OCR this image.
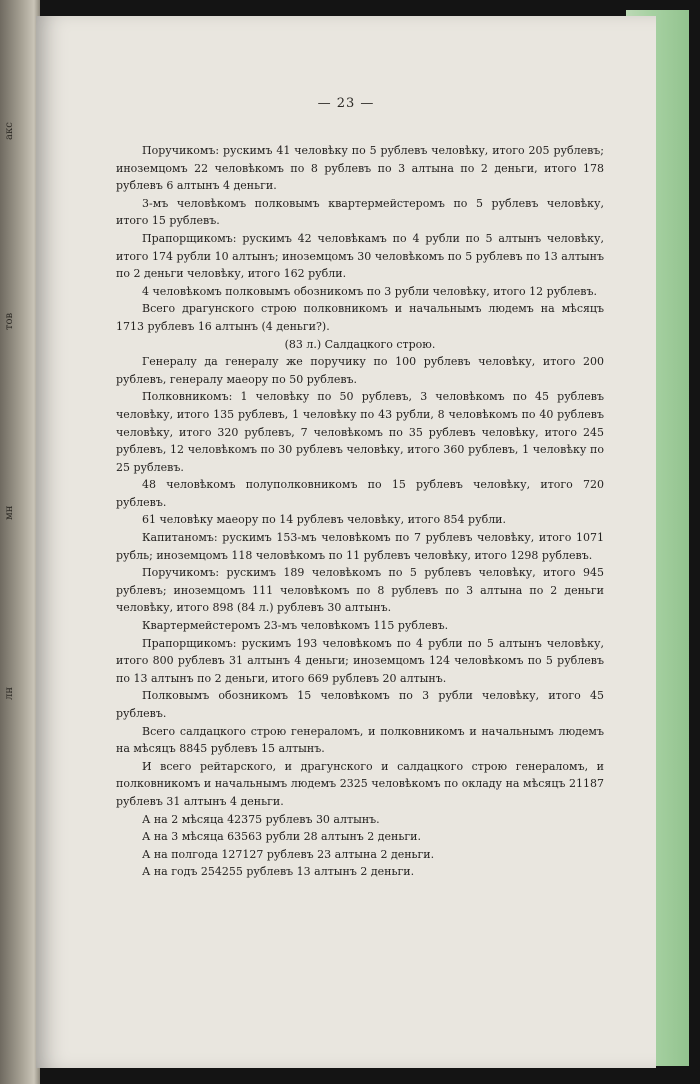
акс
тов
мн
лн
— 23 —

Поручикомъ: рускимъ 41 человѣку по 5 рублевъ человѣку, итого 205 рублевъ; иноземцомъ 22 человѣкомъ по 8 рублевъ по 3 алтына по 2 деньги, итого 178 рублевъ 6 алтынъ 4 деньги.

3-мъ человѣкомъ полковымъ квартермейстеромъ по 5 рублевъ человѣку, итого 15 рублевъ.

Прапорщикомъ: рускимъ 42 человѣкамъ по 4 рубли по 5 алтынъ человѣку, итого 174 рубли 10 алтынъ; иноземцомъ 30 человѣкомъ по 5 рублевъ по 13 алтынъ по 2 деньги человѣку, итого 162 рубли.

4 человѣкомъ полковымъ обозникомъ по 3 рубли человѣку, итого 12 рублевъ.

Всего драгунского строю полковникомъ и начальнымъ людемъ на мѣсяцъ 1713 рублевъ 16 алтынъ (4 деньги?).

(83 л.) Салдацкого строю.

Генералу да генералу же поручику по 100 рублевъ человѣку, итого 200 рублевъ, генералу маеору по 50 рублевъ.

Полковникомъ: 1 человѣку по 50 рублевъ, 3 человѣкомъ по 45 рублевъ человѣку, итого 135 рублевъ, 1 человѣку по 43 рубли, 8 человѣкомъ по 40 рублевъ человѣку, итого 320 рублевъ, 7 человѣкомъ по 35 рублевъ человѣку, итого 245 рублевъ, 12 человѣкомъ по 30 рублевъ человѣку, итого 360 рублевъ, 1 человѣку по 25 рублевъ.

48 человѣкомъ полуполковникомъ по 15 рублевъ человѣку, итого 720 рублевъ.

61 человѣку маеору по 14 рублевъ человѣку, итого 854 рубли.

Капитаномъ: рускимъ 153-мъ человѣкомъ по 7 рублевъ человѣку, итого 1071 рубль; иноземцомъ 118 человѣкомъ по 11 рублевъ человѣку, итого 1298 рублевъ.

Поручикомъ: рускимъ 189 человѣкомъ по 5 рублевъ человѣку, итого 945 рублевъ; иноземцомъ 111 человѣкомъ по 8 рублевъ по 3 алтына по 2 деньги человѣку, итого 898 (84 л.) рублевъ 30 алтынъ.

Квартермейстеромъ 23-мъ человѣкомъ 115 рублевъ.

Прапорщикомъ: рускимъ 193 человѣкомъ по 4 рубли по 5 алтынъ человѣку, итого 800 рублевъ 31 алтынъ 4 деньги; иноземцомъ 124 человѣкомъ по 5 рублевъ по 13 алтынъ по 2 деньги, итого 669 рублевъ 20 алтынъ.

Полковымъ обозникомъ 15 человѣкомъ по 3 рубли человѣку, итого 45 рублевъ.

Всего салдацкого строю генераломъ, и полковникомъ и начальнымъ людемъ на мѣсяцъ 8845 рублевъ 15 алтынъ.

И всего рейтарского, и драгунского и салдацкого строю генераломъ, и полковникомъ и начальнымъ людемъ 2325 человѣкомъ по окладу на мѣсяцъ 21187 рублевъ 31 алтынъ 4 деньги.

А на 2 мѣсяца 42375 рублевъ 30 алтынъ.

А на 3 мѣсяца 63563 рубли 28 алтынъ 2 деньги.

А на полгода 127127 рублевъ 23 алтына 2 деньги.

А на годъ 254255 рублевъ 13 алтынъ 2 деньги.
